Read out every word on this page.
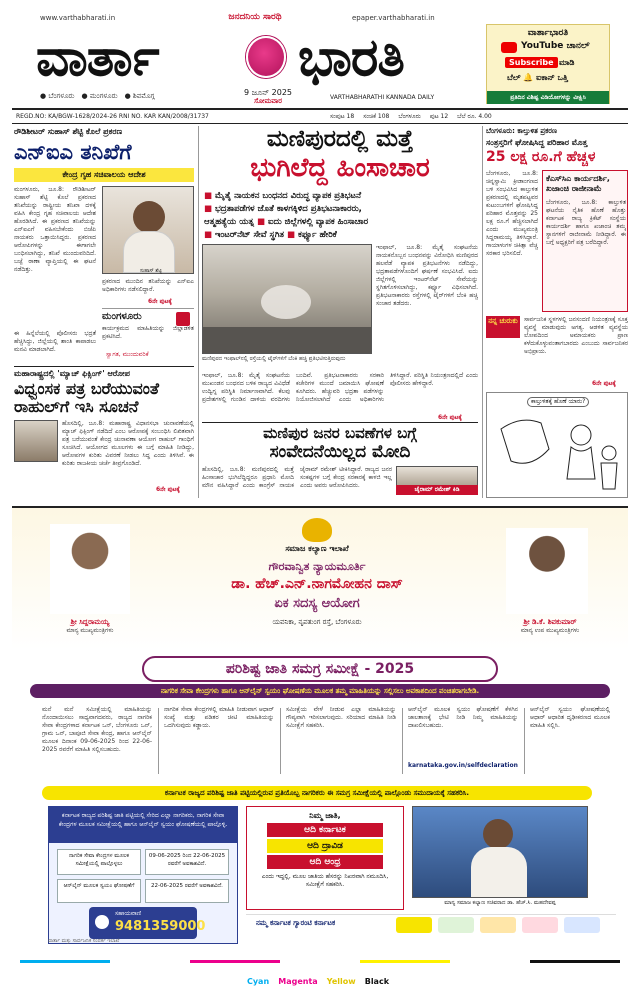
www.varthabharati.in	ಜನದನಿಯ ಸಾರಥಿ	epaper.varthabharati.in
ವಾರ್ತಾ	ಭಾರತಿ
● ಬೆಂಗಳೂರು ● ಮಂಗಳೂರು ● ಶಿವಮೊಗ್ಗ	9 ಜೂನ್ 2025
ಸೋಮವಾರ	VARTHABHARATHI KANNADA DAILY
ವಾರ್ತಾಭಾರತಿ
YouTube ಚಾನಲ್
Subscribe ಮಾಡಿ
ಬೆಲ್ 🔔 ಐಕಾನ್ ಒತ್ತಿ
ಪ್ರತಿದಿನ ವಿಶಿಷ್ಟ ವಿಡಿಯೋಗಳನ್ನು ವೀಕ್ಷಿಸಿ
REGD.NO: KA/BGW-1628/2024-26 RNI NO. KAR KAN/2008/31737	ಸಂಪುಟ 18 ಸಂಚಿಕೆ 108 ಬೆಂಗಳೂರು ಪುಟ 12 ಬೆಲೆ ರೂ. 4.00
ರೌಡಿಶೀಟರ್ ಸುಹಾಸ್ ಶೆಟ್ಟಿ ಕೊಲೆ ಪ್ರಕರಣ
ಎನ್ಐಎ ತನಿಖೆಗೆ
ಕೇಂದ್ರ ಗೃಹ ಸಚಿವಾಲಯ ಆದೇಶ
ಮಂಗಳೂರು, ಜೂ.8: ರೌಡಿಶೀಟರ್ ಸುಹಾಸ್ ಶೆಟ್ಟಿ ಕೊಲೆ ಪ್ರಕರಣದ ತನಿಖೆಯನ್ನು ರಾಷ್ಟ್ರೀಯ ತನಿಖಾ ದಳಕ್ಕೆ ವಹಿಸಿ ಕೇಂದ್ರ ಗೃಹ ಸಚಿವಾಲಯ ಆದೇಶ ಹೊರಡಿಸಿದೆ. ಈ ಪ್ರಕರಣದ ತನಿಖೆಯನ್ನು ಎನ್ಐಎಗೆ ವಹಿಸಬೇಕೆಂದು ಬಿಜೆಪಿ ನಾಯಕರು ಒತ್ತಾಯಿಸಿದ್ದರು. ಪ್ರಕರಣದ ಆರೋಪಿಗಳನ್ನು ಈಗಾಗಲೇ ಬಂಧಿಸಲಾಗಿದ್ದು, ತನಿಖೆ ಮುಂದುವರಿದಿದೆ. ಬಜ್ಪೆ ಠಾಣಾ ವ್ಯಾಪ್ತಿಯಲ್ಲಿ ಈ ಘಟನೆ ನಡೆದಿತ್ತು.	ಸುಹಾಸ್ ಶೆಟ್ಟಿ
ಪ್ರಕರಣದ ಮುಂದಿನ ತನಿಖೆಯನ್ನು ಎನ್ಐಎ ಅಧಿಕಾರಿಗಳು ನಡೆಸಲಿದ್ದಾರೆ.
6ನೇ ಪುಟಕ್ಕೆ
ಮಂಗಳೂರು
ಕಾರ್ಯಕ್ರಮದ ಮಾಹಿತಿಯನ್ನು ಜಿಲ್ಲಾಡಳಿತ ಪ್ರಕಟಿಸಿದೆ.
ಸ್ವಾಗತ, ಮುಂದುವರಿಕೆ
ಈ ಹಿನ್ನೆಲೆಯಲ್ಲಿ ಪೊಲೀಸರು ಭದ್ರತೆ ಹೆಚ್ಚಿಸಿದ್ದು, ಜಿಲ್ಲೆಯಲ್ಲಿ ಶಾಂತಿ ಕಾಪಾಡಲು ಮನವಿ ಮಾಡಲಾಗಿದೆ.
ಮಹಾರಾಷ್ಟ್ರದಲ್ಲಿ 'ಮ್ಯಾಚ್ ಫಿಕ್ಸಿಂಗ್' ಆರೋಪ
ವಿಧ್ವಂಸಕ ಪತ್ರ ಬರೆಯುವಂತೆ
ರಾಹುಲ್‌ಗೆ ಇಸಿ ಸೂಚನೆ
ಹೊಸದಿಲ್ಲಿ, ಜೂ.8: ಮಹಾರಾಷ್ಟ್ರ ವಿಧಾನಸಭಾ ಚುನಾವಣೆಯಲ್ಲಿ ಮ್ಯಾಚ್ ಫಿಕ್ಸಿಂಗ್ ನಡೆದಿದೆ ಎಂಬ ಆರೋಪಕ್ಕೆ ಸಂಬಂಧಿಸಿ ಲಿಖಿತವಾಗಿ ಪತ್ರ ಬರೆಯುವಂತೆ ಕೇಂದ್ರ ಚುನಾವಣಾ ಆಯೋಗ ರಾಹುಲ್ ಗಾಂಧಿಗೆ ಸೂಚಿಸಿದೆ. ಆಯೋಗದ ಮೂಲಗಳು ಈ ಬಗ್ಗೆ ಮಾಹಿತಿ ನೀಡಿದ್ದು, ಆರೋಪಗಳ ಕುರಿತು ವಿವರಣೆ ನೀಡಲು ಸಿದ್ಧ ಎಂದು ತಿಳಿಸಿವೆ. ಈ ಕುರಿತು ರಾಜಕೀಯ ಚರ್ಚೆ ತೀವ್ರಗೊಂಡಿದೆ.
6ನೇ ಪುಟಕ್ಕೆ
ಮಣಿಪುರದಲ್ಲಿ ಮತ್ತೆ
ಭುಗಿಲೆದ್ದ ಹಿಂಸಾಚಾರ
■ ಮೈತೈ ನಾಯಕನ ಬಂಧನದ ವಿರುದ್ಧ ವ್ಯಾಪಕ ಪ್ರತಿಭಟನೆ
■ ಭದ್ರತಾಪಡೆಗಳ ಜೊತೆ ಕಾಳಗಕ್ಕಿಳಿದ ಪ್ರತಿಭಟನಾಕಾರರು,
ಆತ್ಮಹತ್ಯೆಯ ಯತ್ನ ■ ಐದು ಜಿಲ್ಲೆಗಳಲ್ಲಿ ವ್ಯಾಪಕ ಹಿಂಸಾಚಾರ
■ ಇಂಟರ್‌ನೆಟ್ ಸೇವೆ ಸ್ಥಗಿತ ■ ಕರ್ಫ್ಯೂ ಹೇರಿಕೆ
ಮಣಿಪುರದ ಇಂಫಾಲ್‌ನಲ್ಲಿ ರಸ್ತೆಯಲ್ಲಿ ಟೈರ್‌ಗಳಿಗೆ ಬೆಂಕಿ ಹಚ್ಚಿ ಪ್ರತಿಭಟಿಸುತ್ತಿರುವುದು
ಇಂಫಾಲ್, ಜೂ.8: ಮೈತೈ ಸಂಘಟನೆಯ ನಾಯಕನೊಬ್ಬನ ಬಂಧನವನ್ನು ವಿರೋಧಿಸಿ ಮಣಿಪುರದ ಹಲವೆಡೆ ವ್ಯಾಪಕ ಪ್ರತಿಭಟನೆಗಳು ನಡೆದಿದ್ದು, ಭದ್ರತಾಪಡೆಗಳೊಂದಿಗೆ ಘರ್ಷಣೆ ಸಂಭವಿಸಿದೆ. ಐದು ಜಿಲ್ಲೆಗಳಲ್ಲಿ ಇಂಟರ್‌ನೆಟ್ ಸೇವೆಯನ್ನು ಸ್ಥಗಿತಗೊಳಿಸಲಾಗಿದ್ದು, ಕರ್ಫ್ಯೂ ವಿಧಿಸಲಾಗಿದೆ. ಪ್ರತಿಭಟನಾಕಾರರು ರಸ್ತೆಗಳಲ್ಲಿ ಟೈರ್‌ಗಳಿಗೆ ಬೆಂಕಿ ಹಚ್ಚಿ ಸಂಚಾರ ತಡೆದರು.
ಇಂಫಾಲ್, ಜೂ.8: ಮೈತೈ ಸಂಘಟನೆಯ ಮುಖಂಡನ ಬಂಧನದ ಬಳಿಕ ರಾಜ್ಯದ ವಿವಿಧೆಡೆ ಉದ್ವಿಗ್ನ ಪರಿಸ್ಥಿತಿ ನಿರ್ಮಾಣವಾಗಿದೆ. ಕೆಲವು ಪ್ರದೇಶಗಳಲ್ಲಿ ಗುಂಡಿನ ದಾಳಿಯ ವರದಿಗಳು ಬಂದಿವೆ. ಪ್ರತಿಭಟನಾಕಾರರು ಸರಕಾರಿ ಕಚೇರಿಗಳ ಮುಂದೆ ಜಮಾಯಿಸಿ ಘೋಷಣೆ ಕೂಗಿದರು. ಹೆಚ್ಚುವರಿ ಭದ್ರತಾ ಪಡೆಗಳನ್ನು ನಿಯೋಜಿಸಲಾಗಿದೆ ಎಂದು ಅಧಿಕಾರಿಗಳು ತಿಳಿಸಿದ್ದಾರೆ. ಪರಿಸ್ಥಿತಿ ನಿಯಂತ್ರಣದಲ್ಲಿದೆ ಎಂದು ಪೊಲೀಸರು ಹೇಳಿದ್ದಾರೆ.
6ನೇ ಪುಟಕ್ಕೆ
ಮಣಿಪುರ ಜನರ ಬವಣೆಗಳ ಬಗ್ಗೆ
ಸಂವೇದನೆಯಿಲ್ಲದ ಮೋದಿ
ಹೊಸದಿಲ್ಲಿ, ಜೂ.8: ಮಣಿಪುರದಲ್ಲಿ ಮತ್ತೆ ಹಿಂಸಾಚಾರ ಭುಗಿಲೆದ್ದಿದ್ದರೂ ಪ್ರಧಾನಿ ಮೋದಿ ಮೌನ ವಹಿಸಿದ್ದಾರೆ ಎಂದು ಕಾಂಗ್ರೆಸ್ ನಾಯಕ ಜೈರಾಮ್ ರಮೇಶ್ ಟೀಕಿಸಿದ್ದಾರೆ. ರಾಜ್ಯದ ಜನರ ಸಂಕಷ್ಟಗಳ ಬಗ್ಗೆ ಕೇಂದ್ರ ಸರಕಾರಕ್ಕೆ ಕಾಳಜಿ ಇಲ್ಲ ಎಂದು ಅವರು ಆರೋಪಿಸಿದರು.
ಜೈರಾಮ್ ರಮೇಶ್ ಕಿಡಿ
ಬೆಂಗಳೂರು: ಕಾಲ್ತುಳಿತ ಪ್ರಕರಣ
ಸಂತ್ರಸ್ತರಿಗೆ ಘೋಷಿಸಿದ್ದ ಪರಿಹಾರ ಮೊತ್ತ
25 ಲಕ್ಷ ರೂ.ಗೆ ಹೆಚ್ಚಳ
ಬೆಂಗಳೂರು, ಜೂ.8: ಚಿನ್ನಸ್ವಾಮಿ ಕ್ರೀಡಾಂಗಣದ ಬಳಿ ಸಂಭವಿಸಿದ ಕಾಲ್ತುಳಿತ ಪ್ರಕರಣದಲ್ಲಿ ಮೃತಪಟ್ಟವರ ಕುಟುಂಬಗಳಿಗೆ ಘೋಷಿಸಿದ್ದ ಪರಿಹಾರ ಮೊತ್ತವನ್ನು 25 ಲಕ್ಷ ರೂ.ಗೆ ಹೆಚ್ಚಿಸಲಾಗಿದೆ ಎಂದು ಮುಖ್ಯಮಂತ್ರಿ ಸಿದ್ದರಾಮಯ್ಯ ತಿಳಿಸಿದ್ದಾರೆ. ಗಾಯಾಳುಗಳ ಚಿಕಿತ್ಸಾ ವೆಚ್ಚ ಸರಕಾರ ಭರಿಸಲಿದೆ.
ಕೆಎಸ್‌ಸಿಎ ಕಾರ್ಯದರ್ಶಿ, ಖಜಾಂಚಿ ರಾಜೀನಾಮೆ
ಬೆಂಗಳೂರು, ಜೂ.8: ಕಾಲ್ತುಳಿತ ಘಟನೆಯ ನೈತಿಕ ಹೊಣೆ ಹೊತ್ತು ಕರ್ನಾಟಕ ರಾಜ್ಯ ಕ್ರಿಕೆಟ್ ಸಂಸ್ಥೆಯ ಕಾರ್ಯದರ್ಶಿ ಹಾಗೂ ಖಜಾಂಚಿ ತಮ್ಮ ಸ್ಥಾನಗಳಿಗೆ ರಾಜೀನಾಮೆ ನೀಡಿದ್ದಾರೆ. ಈ ಬಗ್ಗೆ ಅಧ್ಯಕ್ಷರಿಗೆ ಪತ್ರ ಬರೆದಿದ್ದಾರೆ.
ನನ್ನ ಚುರುಕು	ಸಾರ್ವಜನಿಕ ಸ್ಥಳಗಳಲ್ಲಿ ಜನಸಂದಣಿ ನಿಯಂತ್ರಣಕ್ಕೆ ಸೂಕ್ತ ವ್ಯವಸ್ಥೆ ಮಾಡುವುದು ಅಗತ್ಯ. ಆಡಳಿತ ವ್ಯವಸ್ಥೆಯ ಲೋಪದಿಂದ ಅಮಾಯಕರು ಪ್ರಾಣ ಕಳೆದುಕೊಳ್ಳುವಂತಾಗಬಾರದು ಎಂಬುದು ಸಾರ್ವಜನಿಕರ ಅಭಿಪ್ರಾಯ.
6ನೇ ಪುಟಕ್ಕೆ
ಕಾಲ್ತುಳಿತಕ್ಕೆ ಹೊಣೆ ಯಾರು?
ಶ್ರೀ ಸಿದ್ದರಾಮಯ್ಯ
ಮಾನ್ಯ ಮುಖ್ಯಮಂತ್ರಿಗಳು
ಸಮಾಜ ಕಲ್ಯಾಣ ಇಲಾಖೆ
ಗೌರವಾನ್ವಿತ ನ್ಯಾಯಮೂರ್ತಿ
ಡಾ. ಹೆಚ್.ಎನ್.ನಾಗಮೋಹನ ದಾಸ್
ಏಕ ಸದಸ್ಯ ಆಯೋಗ
ಯವನಿಕಾ, ನೃಪತುಂಗ ರಸ್ತೆ, ಬೆಂಗಳೂರು	ಶ್ರೀ ಡಿ.ಕೆ. ಶಿವಕುಮಾರ್
ಮಾನ್ಯ ಉಪ ಮುಖ್ಯಮಂತ್ರಿಗಳು
ಪರಿಶಿಷ್ಟ ಜಾತಿ ಸಮಗ್ರ ಸಮೀಕ್ಷೆ - 2025
ನಾಗರಿಕ ಸೇವಾ ಕೇಂದ್ರಗಳು ಹಾಗೂ ಆನ್‌ಲೈನ್ ಸ್ವಯಂ ಘೋಷಣೆಯ ಮೂಲಕ ತಮ್ಮ ಮಾಹಿತಿಯನ್ನು ಸಲ್ಲಿಸಲು ಅವಕಾಶದಿಂದ ವಂಚಿತರಾಗಬೇಡಿ.
ಮನೆ ಮನೆ ಸಮೀಕ್ಷೆಯಲ್ಲಿ ಮಾಹಿತಿಯನ್ನು ನೊಂದಾಯಿಸಲು ಸಾಧ್ಯವಾಗದವರು, ರಾಜ್ಯದ ನಾಗರಿಕ ಸೇವಾ ಕೇಂದ್ರಗಳಾದ ಕರ್ನಾಟಕ ಒನ್, ಬೆಂಗಳೂರು ಒನ್, ಗ್ರಾಮ ಒನ್, ಬಾಪೂಜಿ ಸೇವಾ ಕೇಂದ್ರ, ಹಾಗೂ ಆನ್‌ಲೈನ್ ಮೂಲಕ ದಿನಾಂಕ 09-06-2025 ರಿಂದ 22-06-2025 ರವರೆಗೆ ಮಾಹಿತಿ ಸಲ್ಲಿಸಬಹುದು.
ನಾಗರಿಕ ಸೇವಾ ಕೇಂದ್ರಗಳಲ್ಲಿ ಮಾಹಿತಿ ನೀಡುವಾಗ ಆಧಾರ್ ಸಂಖ್ಯೆ ಮತ್ತು ಪಡಿತರ ಚೀಟಿ ಮಾಹಿತಿಯನ್ನು ಒದಗಿಸುವುದು ಕಡ್ಡಾಯ.
ಸಮೀಕ್ಷೆಯ ವೇಳೆ ನೀಡುವ ಎಲ್ಲಾ ಮಾಹಿತಿಯನ್ನು ಗೌಪ್ಯವಾಗಿ ಇರಿಸಲಾಗುವುದು. ಸರಿಯಾದ ಮಾಹಿತಿ ನೀಡಿ ಸಮೀಕ್ಷೆಗೆ ಸಹಕರಿಸಿ.
ಆನ್‌ಲೈನ್ ಮೂಲಕ ಸ್ವಯಂ ಘೋಷಣೆಗೆ ಕೆಳಗಿನ ಜಾಲತಾಣಕ್ಕೆ ಭೇಟಿ ನೀಡಿ ನಿಮ್ಮ ಮಾಹಿತಿಯನ್ನು ದಾಖಲಿಸಬಹುದು.
karnataka.gov.in/selfdeclaration
ಆನ್‌ಲೈನ್ ಸ್ವಯಂ ಘೋಷಣೆಯಲ್ಲಿ ಆಧಾರ್ ಆಧಾರಿತ ದೃಢೀಕರಣದ ಮೂಲಕ ಮಾಹಿತಿ ಸಲ್ಲಿಸಿ.
ಕರ್ನಾಟಕ ರಾಜ್ಯದ ಪರಿಶಿಷ್ಟ ಜಾತಿ ಪಟ್ಟಿಯಲ್ಲಿರುವ ಪ್ರತಿಯೊಬ್ಬ ನಾಗರಿಕರು ಈ ಸಮಗ್ರ ಸಮೀಕ್ಷೆಯಲ್ಲಿ ಪಾಲ್ಗೊಂಡು ಸಮುದಾಯಕ್ಕೆ ಸಹಕರಿಸಿ.
ಕರ್ನಾಟಕ ರಾಜ್ಯದ ಪರಿಶಿಷ್ಟ ಜಾತಿ ಪಟ್ಟಿಯಲ್ಲಿ ಸೇರಿದ ಎಲ್ಲಾ ನಾಗರಿಕರು, ನಾಗರಿಕ ಸೇವಾ ಕೇಂದ್ರಗಳ ಮೂಲಕ ಸಮೀಕ್ಷೆಯಲ್ಲಿ ಹಾಗೂ ಆನ್‌ಲೈನ್ ಸ್ವಯಂ ಘೋಷಣೆಯಲ್ಲಿ ಪಾಲ್ಗೊಳ್ಳಿ.
ನಾಗರಿಕ ಸೇವಾ ಕೇಂದ್ರಗಳ ಮೂಲಕ ಸಮೀಕ್ಷೆಯಲ್ಲಿ ಪಾಲ್ಗೊಳ್ಳಲು
09-06-2025 ರಿಂದ 22-06-2025 ರವರೆಗೆ ಅವಕಾಶವಿದೆ.
ಆನ್‌ಲೈನ್ ಮೂಲಕ ಸ್ವಯಂ ಘೋಷಣೆಗೆ	22-06-2025 ರವರೆಗೆ ಅವಕಾಶವಿದೆ.
ಸಹಾಯವಾಣಿ
9481359000
ನಿಮ್ಮ ಜಾತಿ,
ಆದಿ ಕರ್ನಾಟಕ
ಆದಿ ದ್ರಾವಿಡ
ಆದಿ ಆಂಧ್ರ
ಎಂದು ಇದ್ದಲ್ಲಿ, ಮೂಲ ಜಾತಿಯ ಹೆಸರನ್ನು ನಿಖರವಾಗಿ ನಮೂದಿಸಿ, ಸಮೀಕ್ಷೆಗೆ ಸಹಕರಿಸಿ.
ಮಾನ್ಯ ಸಮಾಜ ಕಲ್ಯಾಣ ಸಚಿವರಾದ ಡಾ. ಹೆಚ್.ಸಿ. ಮಹದೇವಪ್ಪ
ನಮ್ಮ ಕರ್ನಾಟಕ ಗ್ಯಾರಂಟಿ ಕರ್ನಾಟಕ
ವಾರ್ತಾ ಮತ್ತು ಸಾರ್ವಜನಿಕ ಸಂಪರ್ಕ ಇಲಾಖೆ
Cyan Magenta Yellow Black
